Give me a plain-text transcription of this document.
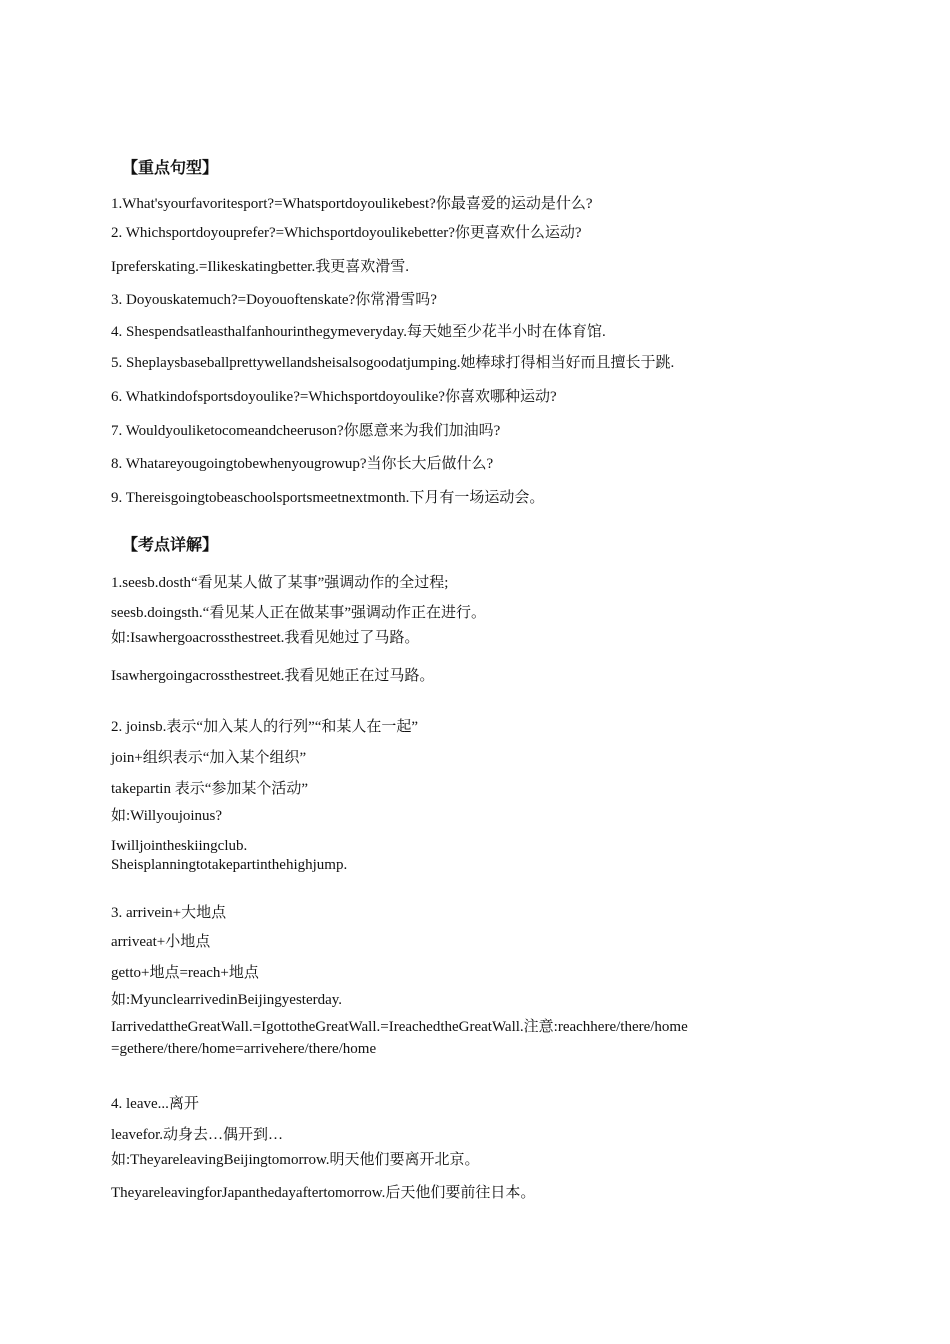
【重点句型】
1.What'syourfavoritesport?=Whatsportdoyoulikebest?你最喜爱的运动是什么?
2. Whichsportdoyouprefer?=Whichsportdoyoulikebetter?你更喜欢什么运动?
Ipreferskating.=Ilikeskatingbetter.我更喜欢滑雪.
3. Doyouskatemuch?=Doyouoftenskate?你常滑雪吗?
4. Shespendsatleasthalfanhourinthegymeveryday.每天她至少花半小时在体育馆.
5. Sheplaysbaseballprettywellandsheisalsogoodatjumping.她棒球打得相当好而且擅长于跳.
6. Whatkindofsportsdoyoulike?=Whichsportdoyoulike?你喜欢哪种运动?
7. Wouldyouliketocomeandcheeruson?你愿意来为我们加油吗?
8. Whatareyougoingtobewhenyougrowup?当你长大后做什么?
9. Thereisgoingtobeaschoolsportsmeetnextmonth.下月有一场运动会。
【考点详解】
1.seesb.dosth“看见某人做了某事”强调动作的全过程;
seesb.doingsth.“看见某人正在做某事”强调动作正在进行。
如:Isawhergoacrossthestreet.我看见她过了马路。
Isawhergoingacrossthestreet.我看见她正在过马路。
2. joinsb.表示“加入某人的行列”“和某人在一起”
join+组织表示“加入某个组织”
takepartin 表示“参加某个活动”
如:Willyoujoinus?
Iwilljointheskiingclub.
Sheisplanningtotakepartinthehighjump.
3. arrivein+大地点
arriveat+小地点
getto+地点=reach+地点
如:MyunclearrivedinBeijingyesterday.
IarrivedattheGreatWall.=IgottotheGreatWall.=IreachedtheGreatWall.注意:reachhere/there/home
=gethere/there/home=arrivehere/there/home
4. leave...离开
leavefor.动身去…偶开到…
如:TheyareleavingBeijingtomorrow.明天他们要离开北京。
TheyareleavingforJapanthedayaftertomorrow.后天他们要前往日本。
